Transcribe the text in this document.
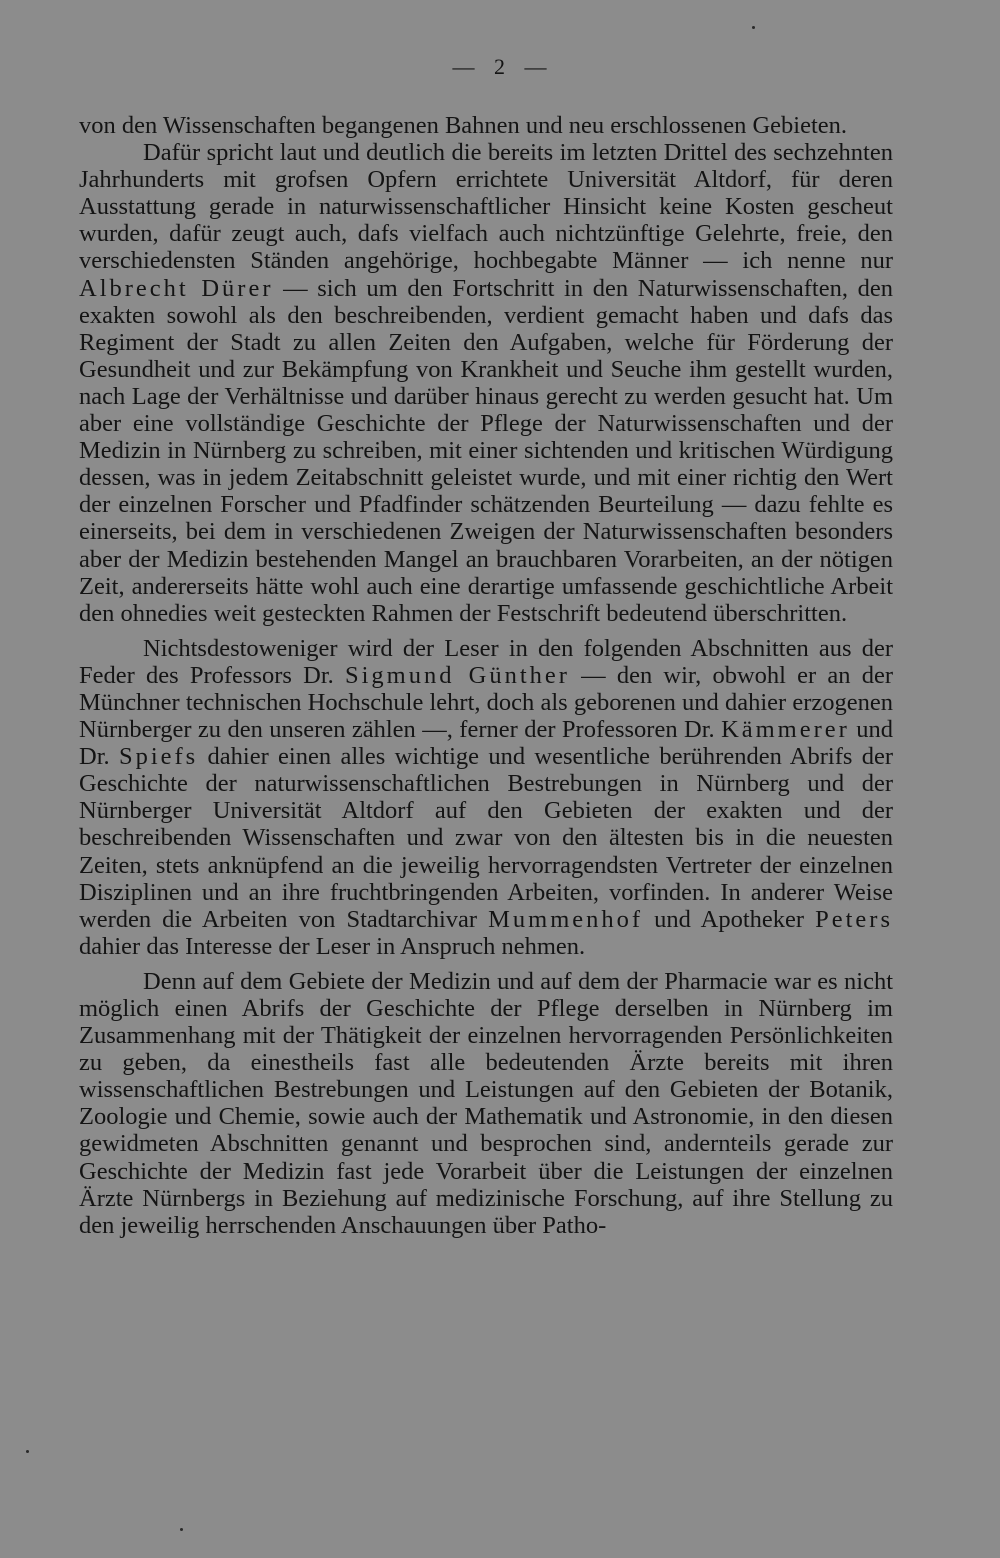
— 2 —

von den Wissenschaften begangenen Bahnen und neu erschlossenen Gebieten.

Dafür spricht laut und deutlich die bereits im letzten Drittel des sechzehnten Jahrhunderts mit grofsen Opfern errichtete Universität Altdorf, für deren Ausstattung gerade in naturwissenschaftlicher Hinsicht keine Kosten gescheut wurden, dafür zeugt auch, dafs vielfach auch nichtzünftige Gelehrte, freie, den verschiedensten Ständen angehörige, hochbegabte Männer — ich nenne nur Albrecht Dürer — sich um den Fortschritt in den Naturwissenschaften, den exakten sowohl als den beschreibenden, verdient gemacht haben und dafs das Regiment der Stadt zu allen Zeiten den Aufgaben, welche für Förderung der Gesundheit und zur Bekämpfung von Krankheit und Seuche ihm gestellt wurden, nach Lage der Verhältnisse und darüber hinaus gerecht zu werden gesucht hat. Um aber eine vollständige Geschichte der Pflege der Naturwissenschaften und der Medizin in Nürnberg zu schreiben, mit einer sichtenden und kritischen Würdigung dessen, was in jedem Zeitabschnitt geleistet wurde, und mit einer richtig den Wert der einzelnen Forscher und Pfadfinder schätzenden Beurteilung — dazu fehlte es einerseits, bei dem in verschiedenen Zweigen der Naturwissenschaften besonders aber der Medizin bestehenden Mangel an brauchbaren Vorarbeiten, an der nötigen Zeit, andererseits hätte wohl auch eine derartige umfassende geschichtliche Arbeit den ohnedies weit gesteckten Rahmen der Festschrift bedeutend überschritten.

Nichtsdestoweniger wird der Leser in den folgenden Abschnitten aus der Feder des Professors Dr. Sigmund Günther — den wir, obwohl er an der Münchner technischen Hochschule lehrt, doch als geborenen und dahier erzogenen Nürnberger zu den unseren zählen —, ferner der Professoren Dr. Kämmerer und Dr. Spiefs dahier einen alles wichtige und wesentliche berührenden Abrifs der Geschichte der naturwissenschaftlichen Bestrebungen in Nürnberg und der Nürnberger Universität Altdorf auf den Gebieten der exakten und der beschreibenden Wissenschaften und zwar von den ältesten bis in die neuesten Zeiten, stets anknüpfend an die jeweilig hervorragendsten Vertreter der einzelnen Disziplinen und an ihre fruchtbringenden Arbeiten, vorfinden. In anderer Weise werden die Arbeiten von Stadtarchivar Mummenhof und Apotheker Peters dahier das Interesse der Leser in Anspruch nehmen.

Denn auf dem Gebiete der Medizin und auf dem der Pharmacie war es nicht möglich einen Abrifs der Geschichte der Pflege derselben in Nürnberg im Zusammenhang mit der Thätigkeit der einzelnen hervorragenden Persönlichkeiten zu geben, da einestheils fast alle bedeutenden Ärzte bereits mit ihren wissenschaftlichen Bestrebungen und Leistungen auf den Gebieten der Botanik, Zoologie und Chemie, sowie auch der Mathematik und Astronomie, in den diesen gewidmeten Abschnitten genannt und besprochen sind, andernteils gerade zur Geschichte der Medizin fast jede Vorarbeit über die Leistungen der einzelnen Ärzte Nürnbergs in Beziehung auf medizinische Forschung, auf ihre Stellung zu den jeweilig herrschenden Anschauungen über Patho-
